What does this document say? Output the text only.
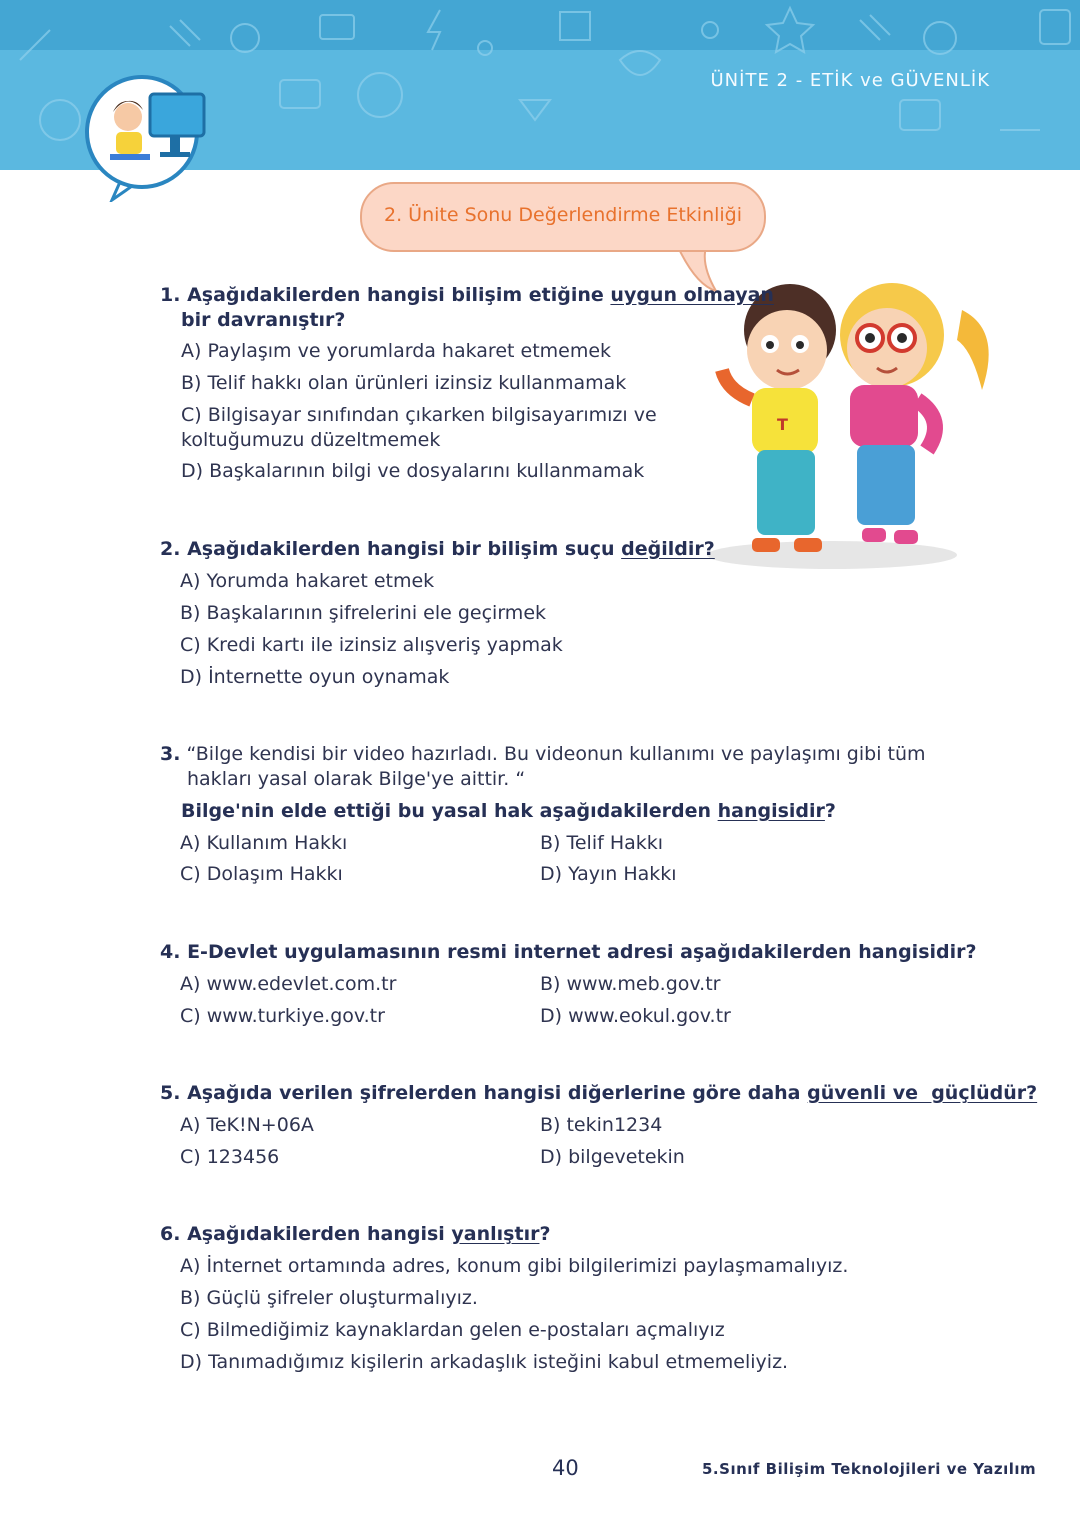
ÜNİTE 2 - ETİK ve GÜVENLİK
2. Ünite Sonu Değerlendirme Etkinliği
T
1. Aşağıdakilerden hangisi bilişim etiğine uygun olmayan
bir davranıştır?
A) Paylaşım ve yorumlarda hakaret etmemek
B) Telif hakkı olan ürünleri izinsiz kullanmamak
C) Bilgisayar sınıfından çıkarken bilgisayarımızı ve
koltuğumuzu düzeltmemek
D) Başkalarının bilgi ve dosyalarını kullanmamak
2. Aşağıdakilerden hangisi bir bilişim suçu değildir?
A) Yorumda hakaret etmek
B) Başkalarının şifrelerini ele geçirmek
C) Kredi kartı ile izinsiz alışveriş yapmak
D) İnternette oyun oynamak
3. “Bilge kendisi bir video hazırladı. Bu videonun kullanımı ve paylaşımı gibi tüm
hakları yasal olarak Bilge'ye aittir. “
Bilge'nin elde ettiği bu yasal hak aşağıdakilerden hangisidir?
A) Kullanım Hakkı	B) Telif Hakkı
C) Dolaşım Hakkı	D) Yayın Hakkı
4. E-Devlet uygulamasının resmi internet adresi aşağıdakilerden hangisidir?
A) www.edevlet.com.tr	B) www.meb.gov.tr
C) www.turkiye.gov.tr	D) www.eokul.gov.tr
5. Aşağıda verilen şifrelerden hangisi diğerlerine göre daha güvenli ve  güçlüdür?
A) TeK!N+06A	B) tekin1234
C) 123456	D) bilgevetekin
6. Aşağıdakilerden hangisi yanlıştır?
A) İnternet ortamında adres, konum gibi bilgilerimizi paylaşmamalıyız.
B) Güçlü şifreler oluşturmalıyız.
C) Bilmediğimiz kaynaklardan gelen e-postaları açmalıyız
D) Tanımadığımız kişilerin arkadaşlık isteğini kabul etmemeliyiz.
40	5.Sınıf Bilişim Teknolojileri ve Yazılım
